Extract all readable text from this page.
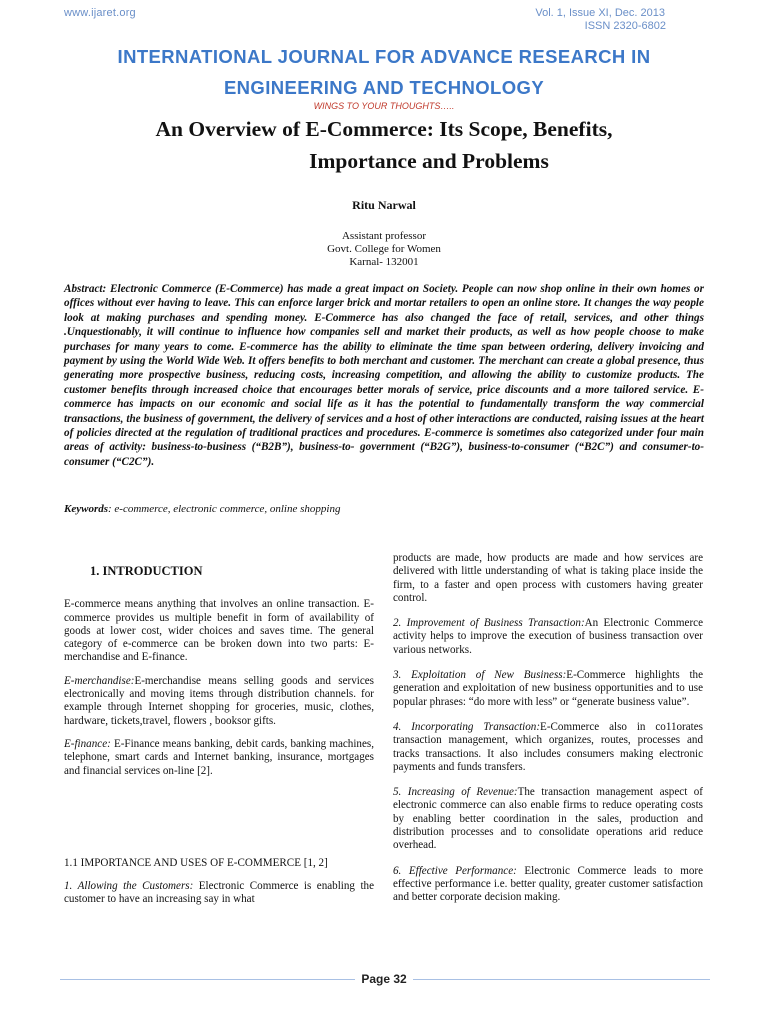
www.ijaret.org	Vol. 1, Issue XI, Dec. 2013
ISSN 2320-6802
INTERNATIONAL JOURNAL FOR ADVANCE RESEARCH IN
ENGINEERING AND TECHNOLOGY
WINGS TO YOUR THOUGHTS…..
An Overview of E-Commerce: Its Scope, Benefits,
Importance and Problems
Ritu Narwal
Assistant professor
Govt. College for Women
Karnal- 132001
Abstract: Electronic Commerce (E-Commerce) has made a great impact on Society. People can now shop online in their own homes or offices without ever having to leave. This can enforce larger brick and mortar retailers to open an online store. It changes the way people look at making purchases and spending money. E-Commerce has also changed the face of retail, services, and other things .Unquestionably, it will continue to influence how companies sell and market their products, as well as how people choose to make purchases for many years to come. E-commerce has the ability to eliminate the time span between ordering, delivery invoicing and payment by using the World Wide Web. It offers benefits to both merchant and customer. The merchant can create a global presence, thus generating more prospective business, reducing costs, increasing competition, and allowing the ability to customize products. The customer benefits through increased choice that encourages better morals of service, price discounts and a more tailored service. E-commerce has impacts on our economic and social life as it has the potential to fundamentally transform the way commercial transactions, the business of government, the delivery of services and a host of other interactions are conducted, raising issues at the heart of policies directed at the regulation of traditional practices and procedures. E-commerce is sometimes also categorized under four main areas of activity: business-to-business (“B2B”), business-to- government (“B2G”), business-to-consumer (“B2C”) and consumer-to-consumer (“C2C”).
Keywords: e-commerce, electronic commerce, online shopping

1. INTRODUCTION

E-commerce means anything that involves an online transaction. E-commerce provides us multiple benefit in form of availability of goods at lower cost, wider choices and saves time. The general category of e-commerce can be broken down into two parts: E-merchandise and E-finance.

E-merchandise:E-merchandise means selling goods and services electronically and moving items through distribution channels. for example through Internet shopping for groceries, music, clothes, hardware, tickets,travel, flowers , booksor gifts.

E-finance: E-Finance means banking, debit cards, banking machines, telephone, smart cards and Internet banking, insurance, mortgages and financial services on-line [2].

1.1 IMPORTANCE AND USES OF E-COMMERCE [1, 2]

1. Allowing the Customers: Electronic Commerce is enabling the customer to have an increasing say in what

products are made, how products are made and how services are delivered with little understanding of what is taking place inside the firm, to a faster and open process with customers having greater control.

2. Improvement of Business Transaction:An Electronic Commerce activity helps to improve the execution of business transaction over various networks.

3. Exploitation of New Business:E-Commerce highlights the generation and exploitation of new business opportunities and to use popular phrases: “do more with less” or “generate business value”.

4. Incorporating Transaction:E-Commerce also in co11orates transaction management, which organizes, routes, processes and tracks transactions. It also includes consumers making electronic payments and funds transfers.

5. Increasing of Revenue:The transaction management aspect of electronic commerce can also enable firms to reduce operating costs by enabling better coordination in the sales, production and distribution processes and to consolidate operations arid reduce overhead.

6. Effective Performance: Electronic Commerce leads to more effective performance i.e. better quality, greater customer satisfaction and better corporate decision making.

Page 32
